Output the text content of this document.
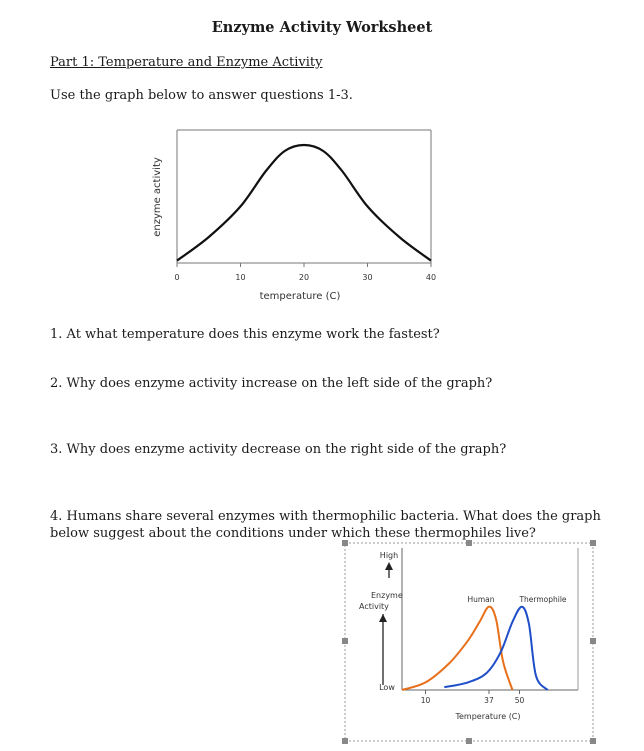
Enzyme Activity Worksheet
Part 1: Temperature and Enzyme Activity
Use the graph below to answer questions 1-3.
enzyme activity
temperature (C)
0	10	20	30	40
High
Enzyme
Activity
Low
Temperature (C)
10	37	50
Human	Thermophile
1. At what temperature does this enzyme work the fastest?
2. Why does enzyme activity increase on the left side of the graph?
3. Why does enzyme activity decrease on the right side of the graph?
4. Humans share several enzymes with thermophilic bacteria. What does the graph
below suggest about the conditions under which these thermophiles live?
